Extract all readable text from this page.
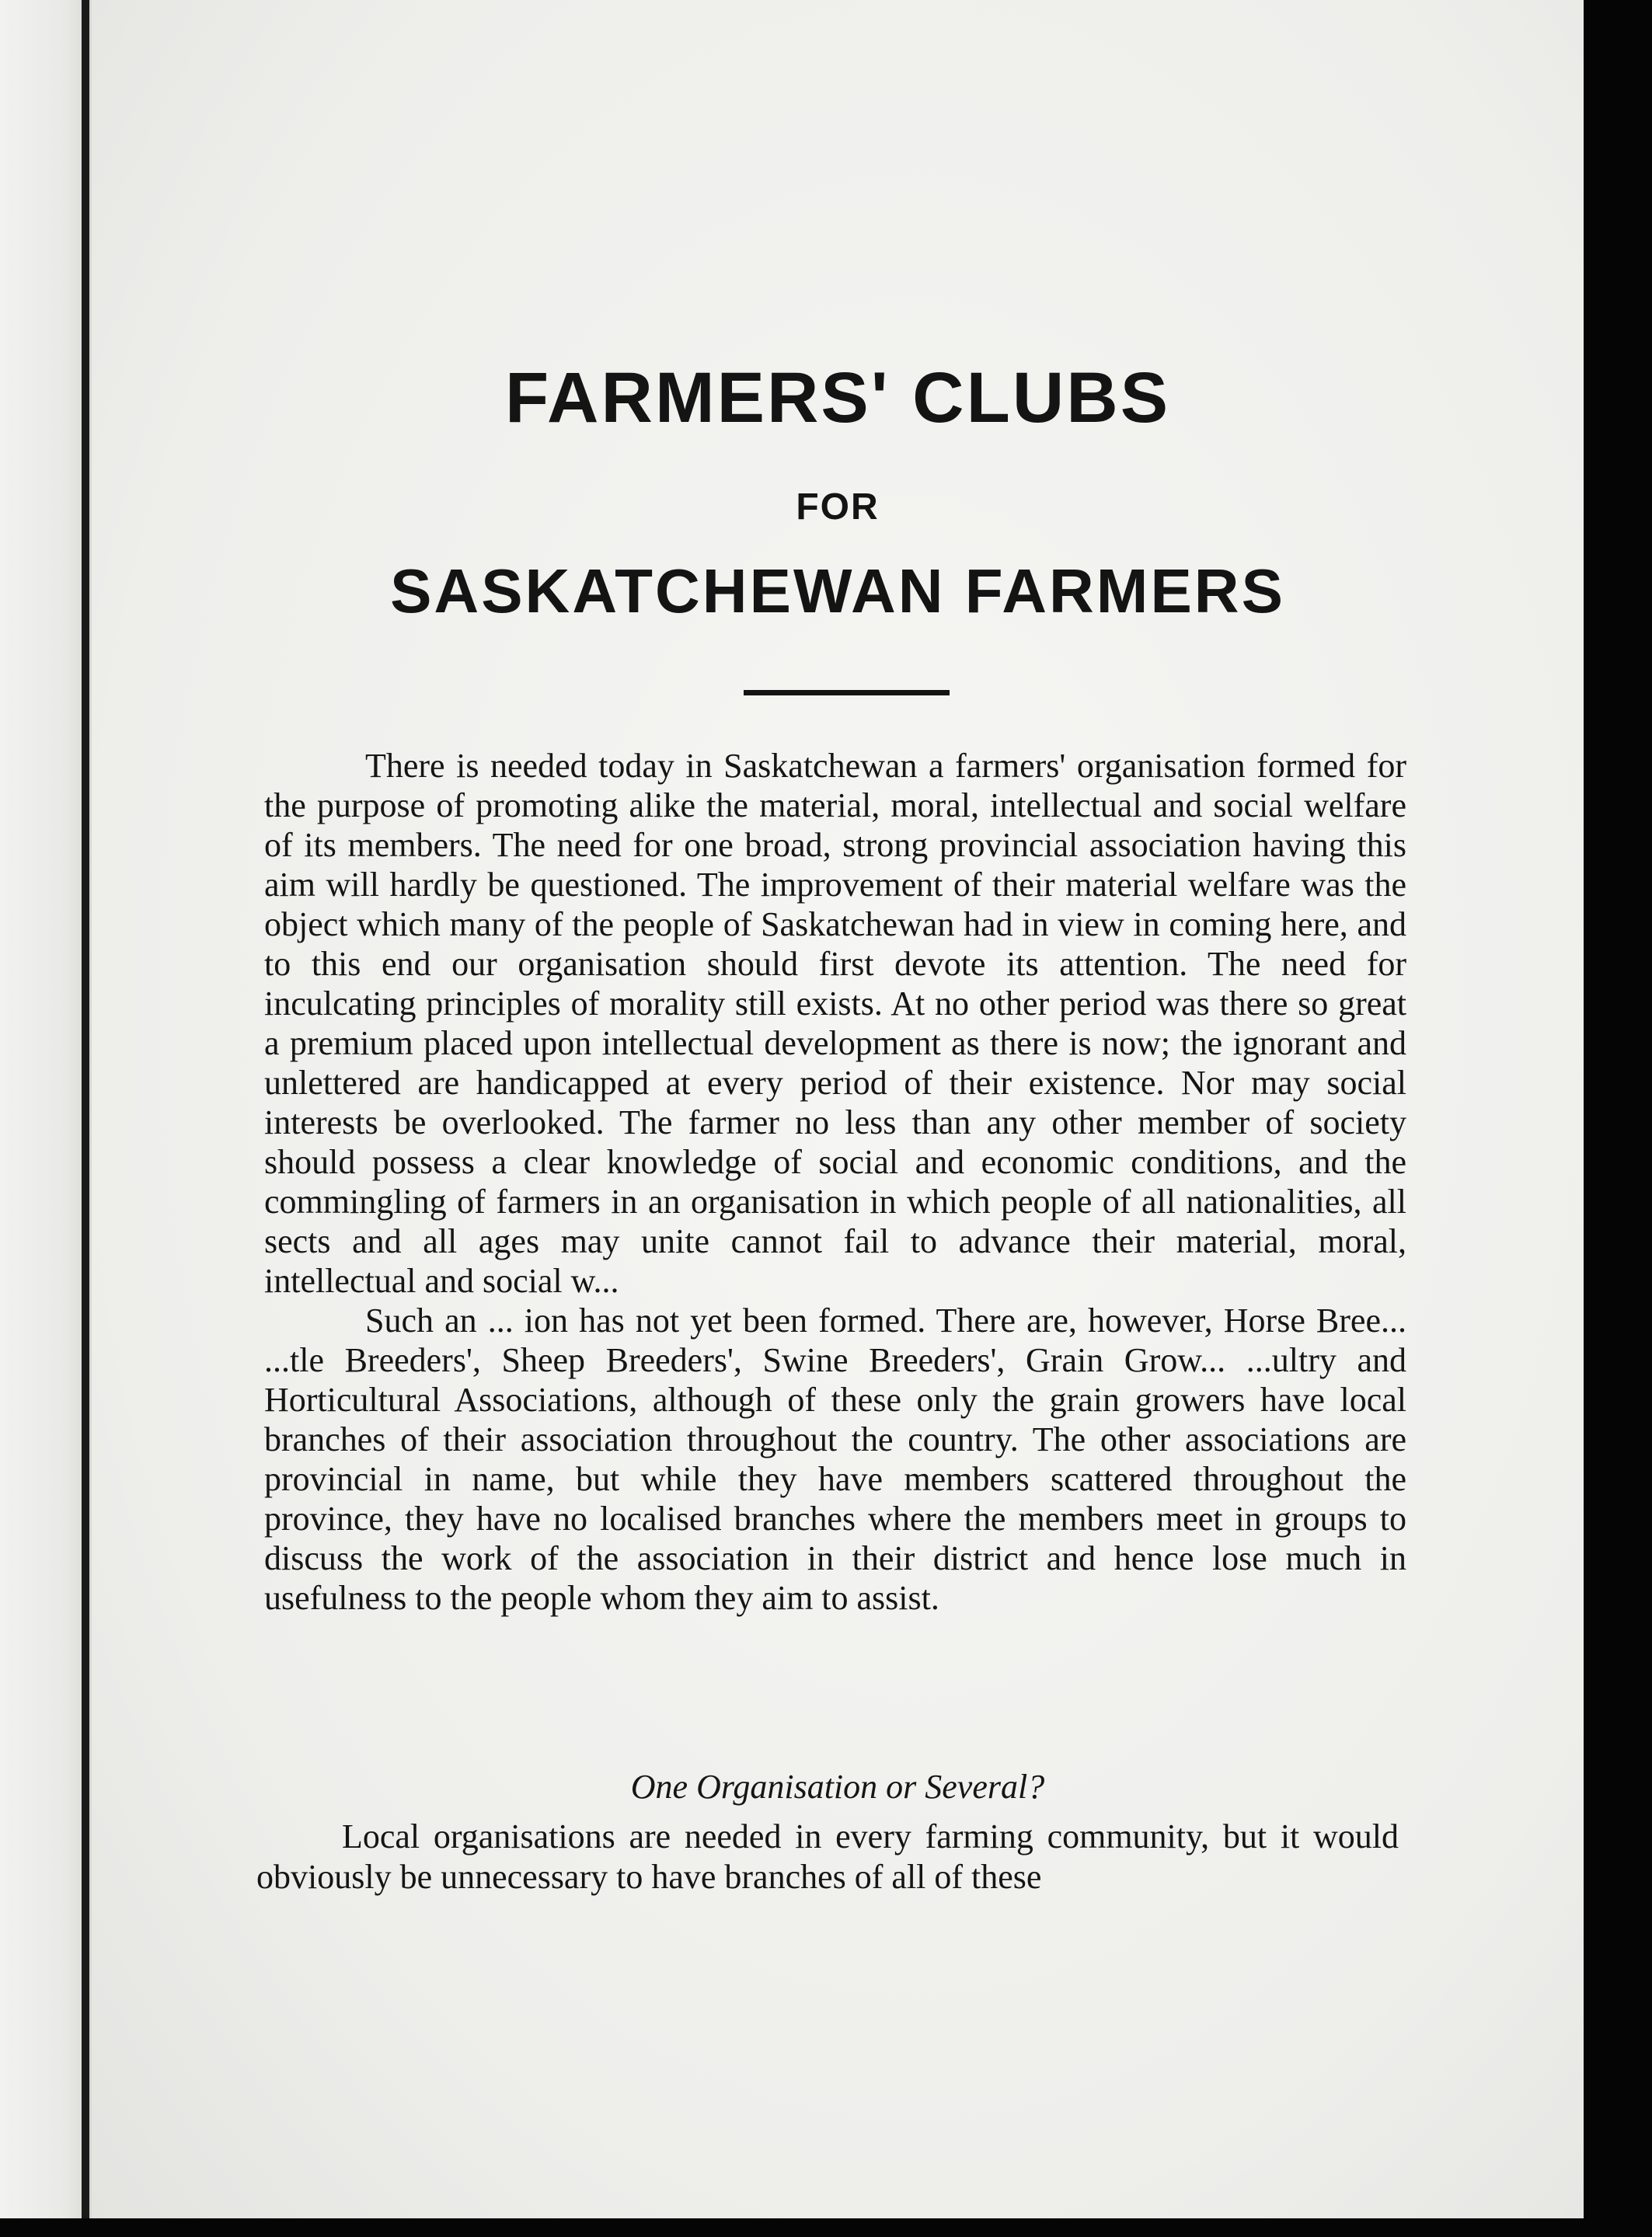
FARMERS' CLUBS
FOR
SASKATCHEWAN FARMERS

There is needed today in Saskatchewan a farmers' organisation formed for the purpose of promoting alike the material, moral, intellectual and social welfare of its members. The need for one broad, strong provincial association having this aim will hardly be questioned. The improvement of their material welfare was the object which many of the people of Saskatchewan had in view in coming here, and to this end our organisation should first devote its attention. The need for inculcating principles of morality still exists. At no other period was there so great a premium placed upon intellectual development as there is now; the ignorant and unlettered are handicapped at every period of their existence. Nor may social interests be overlooked. The farmer no less than any other member of society should possess a clear knowledge of social and economic conditions, and the commingling of farmers in an organisation in which people of all nationalities, all sects and all ages may unite cannot fail to advance their material, moral, intellectual and social w...

Such an ... ion has not yet been formed. There are, however, Horse Bree... ...tle Breeders', Sheep Breeders', Swine Breeders', Grain Grow... ...ultry and Horticultural Associations, although of these only the grain growers have local branches of their association throughout the country. The other associations are provincial in name, but while they have members scattered throughout the province, they have no localised branches where the members meet in groups to discuss the work of the association in their district and hence lose much in usefulness to the people whom they aim to assist.

One Organisation or Several?

Local organisations are needed in every farming community, but it would obviously be unnecessary to have branches of all of these
